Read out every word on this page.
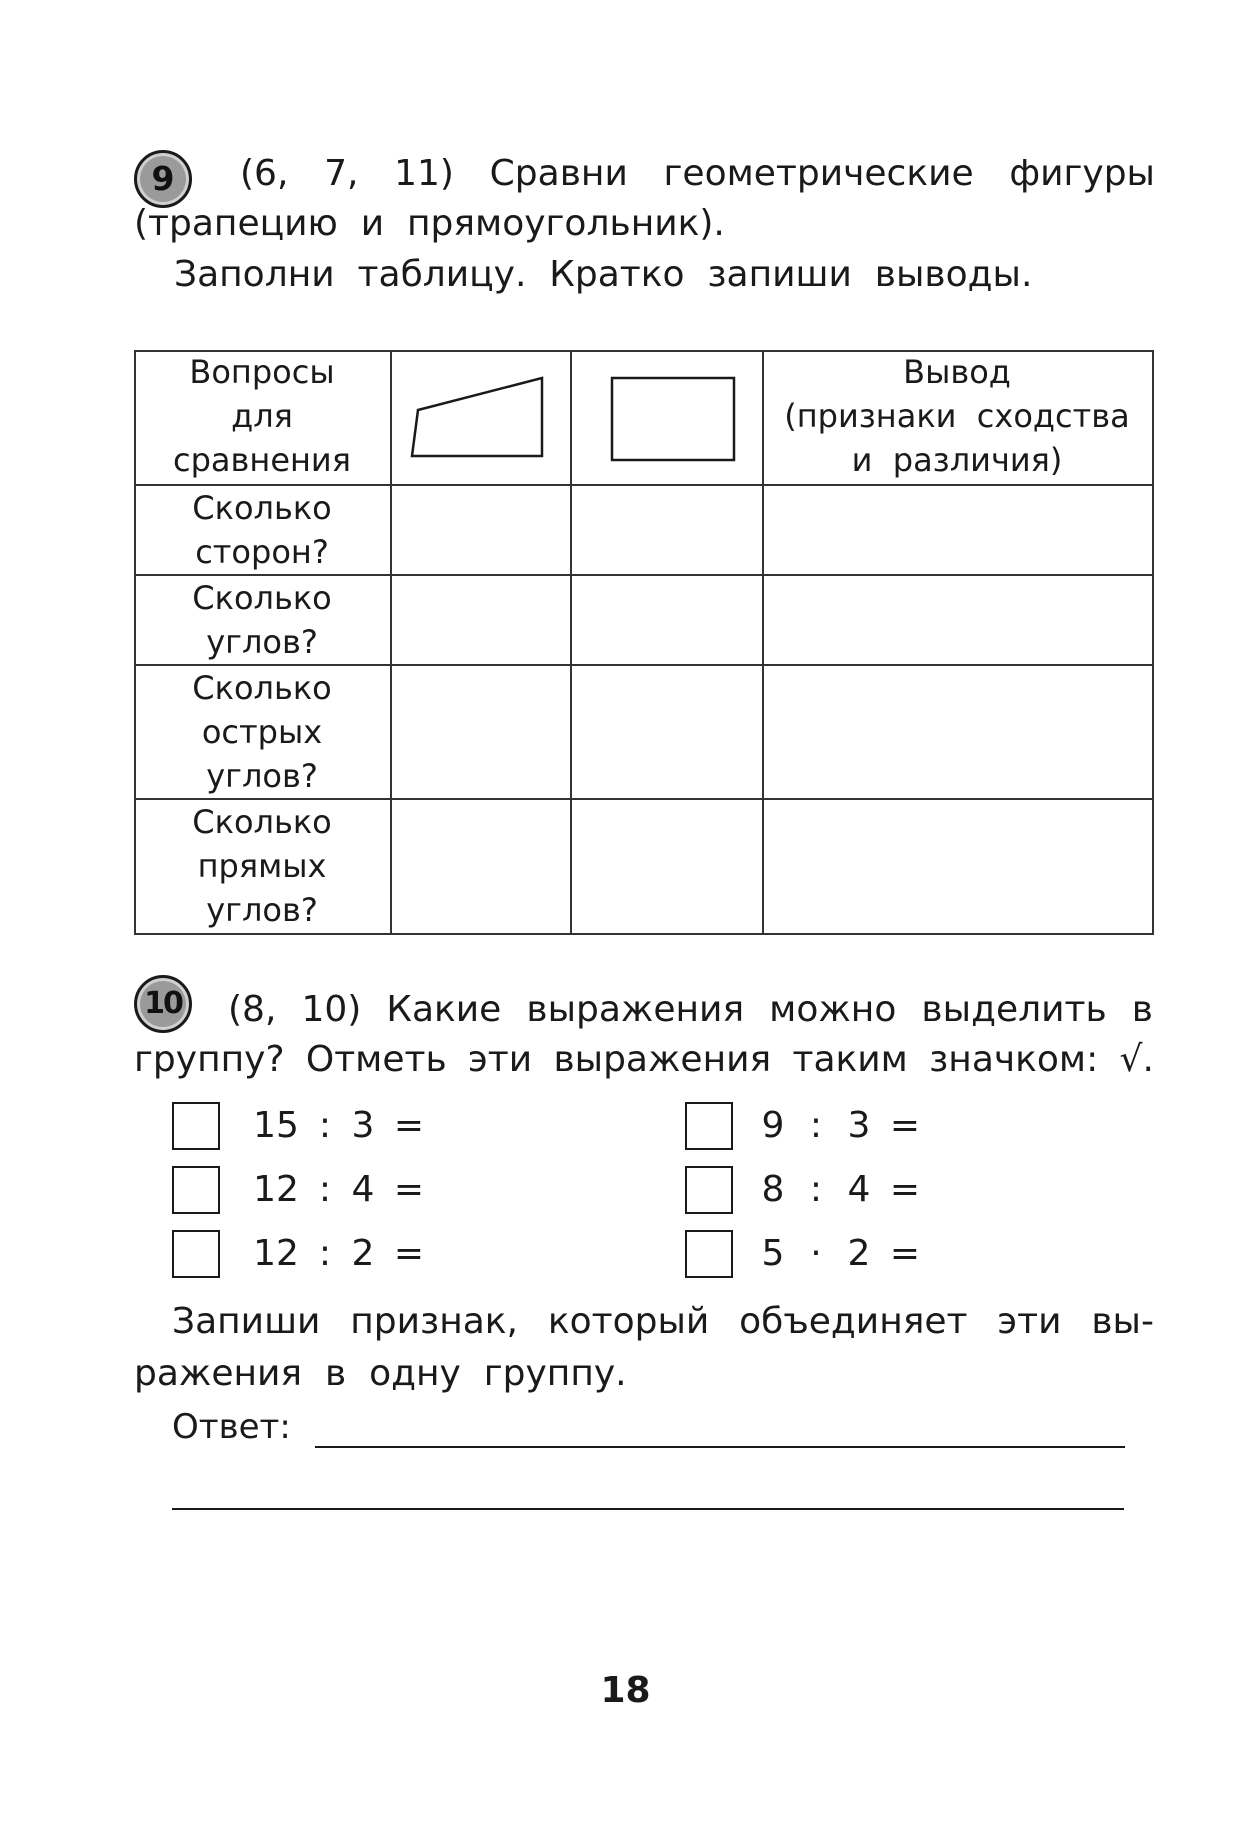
9	(6, 7, 11) Сравни геометрические фигуры
(трапецию  и  прямоугольник).
Заполни  таблицу.  Кратко  запиши  выводы.
Вопросы
для
сравнения
Вывод
(признаки  сходства
и  различия)
Сколько
сторон?
Сколько
углов?
Сколько
острых
углов?
Сколько
прямых
углов?
10 (8, 10) Какие выражения можно выделить в
группу? Отметь эти выражения таким значком: √.
15 : 3 =
12 : 4 =
12 : 2 =
9 : 3 =
8 : 4 =
5 · 2 =
Запиши признак, который объединяет эти вы-
ражения  в  одну  группу.
Ответ:
18
